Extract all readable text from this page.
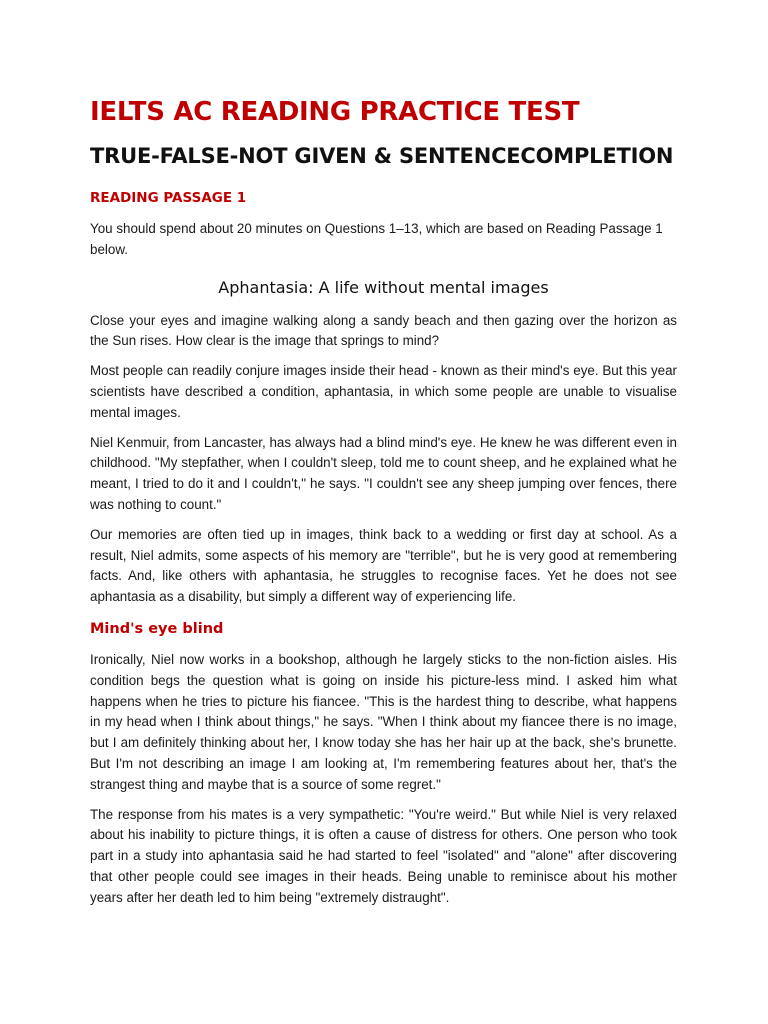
IELTS AC READING PRACTICE TEST
TRUE-FALSE-NOT GIVEN & SENTENCECOMPLETION
READING PASSAGE 1

You should spend about 20 minutes on Questions 1–13, which are based on Reading Passage 1 below.

Aphantasia: A life without mental images

Close your eyes and imagine walking along a sandy beach and then gazing over the horizon as the Sun rises. How clear is the image that springs to mind?

Most people can readily conjure images inside their head - known as their mind's eye. But this year scientists have described a condition, aphantasia, in which some people are unable to visualise mental images.

Niel Kenmuir, from Lancaster, has always had a blind mind's eye. He knew he was different even in childhood. "My stepfather, when I couldn't sleep, told me to count sheep, and he explained what he meant, I tried to do it and I couldn't," he says. "I couldn't see any sheep jumping over fences, there was nothing to count."

Our memories are often tied up in images, think back to a wedding or first day at school. As a result, Niel admits, some aspects of his memory are "terrible", but he is very good at remembering facts. And, like others with aphantasia, he struggles to recognise faces. Yet he does not see aphantasia as a disability, but simply a different way of experiencing life.

Mind's eye blind

Ironically, Niel now works in a bookshop, although he largely sticks to the non-fiction aisles. His condition begs the question what is going on inside his picture-less mind. I asked him what happens when he tries to picture his fiancee. "This is the hardest thing to describe, what happens in my head when I think about things," he says. "When I think about my fiancee there is no image, but I am definitely thinking about her, I know today she has her hair up at the back, she's brunette. But I'm not describing an image I am looking at, I'm remembering features about her, that's the strangest thing and maybe that is a source of some regret."

The response from his mates is a very sympathetic: "You're weird." But while Niel is very relaxed about his inability to picture things, it is often a cause of distress for others. One person who took part in a study into aphantasia said he had started to feel "isolated" and "alone" after discovering that other people could see images in their heads. Being unable to reminisce about his mother years after her death led to him being "extremely distraught".
